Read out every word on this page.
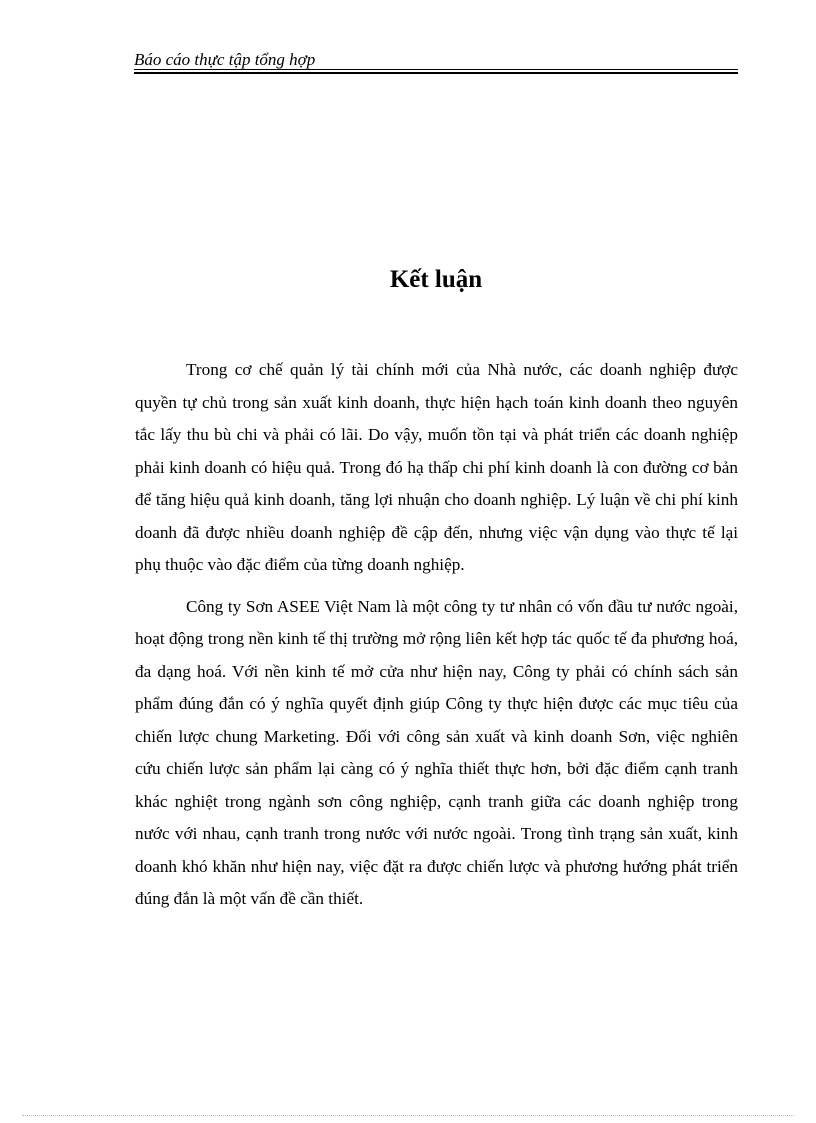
Báo cáo thực tập tổng hợp
Kết luận

Trong cơ chế quản lý tài chính mới của Nhà nước, các doanh nghiệp được quyền tự chủ trong sản xuất kinh doanh, thực hiện hạch toán kinh doanh theo nguyên tắc lấy thu bù chi và phải có lãi. Do vậy, muốn tồn tại và phát triển các doanh nghiệp phải kinh doanh có hiệu quả. Trong đó hạ thấp chi phí kinh doanh là con đường cơ bản để tăng hiệu quả kinh doanh, tăng lợi nhuận cho doanh nghiệp. Lý luận về chi phí kinh doanh đã được nhiều doanh nghiệp đề cập đến, nhưng việc vận dụng vào thực tế lại phụ thuộc vào đặc điểm của từng doanh nghiệp.

Công ty Sơn ASEE Việt Nam là một công ty tư nhân có vốn đầu tư nước ngoài, hoạt động trong nền kinh tế thị trường mở rộng liên kết hợp tác quốc tế đa phương hoá, đa dạng hoá. Với nền kinh tế mở cửa như hiện nay, Công ty phải có chính sách sản phẩm đúng đắn có ý nghĩa quyết định giúp Công ty thực hiện được các mục tiêu của chiến lược chung Marketing. Đối với công sản xuất và kinh doanh Sơn, việc nghiên cứu chiến lược sản phẩm lại càng có ý nghĩa thiết thực hơn, bởi đặc điểm cạnh tranh khác nghiệt trong ngành sơn công nghiệp, cạnh tranh giữa các doanh nghiệp trong nước với nhau, cạnh tranh trong nước với nước ngoài. Trong tình trạng sản xuất, kinh doanh khó khăn như hiện nay, việc đặt ra được chiến lược và phương hướng phát triển đúng đắn là một vấn đề cần thiết.
